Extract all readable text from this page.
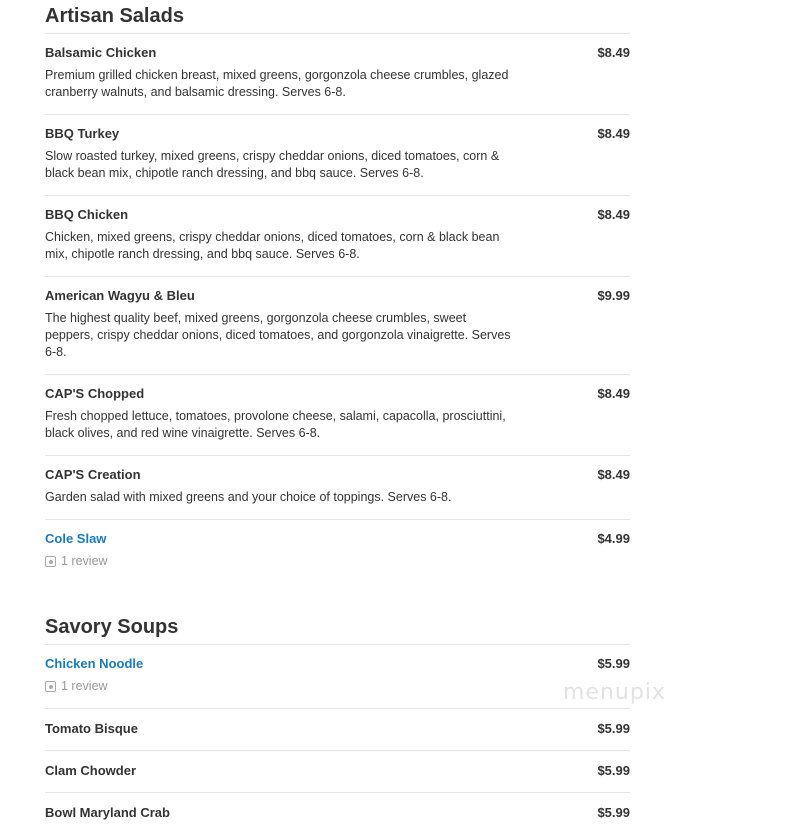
Artisan Salads
Balsamic Chicken	$8.49
Premium grilled chicken breast, mixed greens, gorgonzola cheese crumbles, glazed cranberry walnuts, and balsamic dressing. Serves 6-8.
BBQ Turkey	$8.49
Slow roasted turkey, mixed greens, crispy cheddar onions, diced tomatoes, corn & black bean mix, chipotle ranch dressing, and bbq sauce. Serves 6-8.
BBQ Chicken	$8.49
Chicken, mixed greens, crispy cheddar onions, diced tomatoes, corn & black bean mix, chipotle ranch dressing, and bbq sauce. Serves 6-8.
American Wagyu & Bleu	$9.99
The highest quality beef, mixed greens, gorgonzola cheese crumbles, sweet peppers, crispy cheddar onions, diced tomatoes, and gorgonzola vinaigrette. Serves 6-8.
CAP'S Chopped	$8.49
Fresh chopped lettuce, tomatoes, provolone cheese, salami, capacolla, prosciuttini, black olives, and red wine vinaigrette. Serves 6-8.
CAP'S Creation	$8.49
Garden salad with mixed greens and your choice of toppings. Serves 6-8.
Cole Slaw	$4.99
1 review
Savory Soups
Chicken Noodle	$5.99
1 review
Tomato Bisque	$5.99
Clam Chowder	$5.99
Bowl Maryland Crab	$5.99
menupix
